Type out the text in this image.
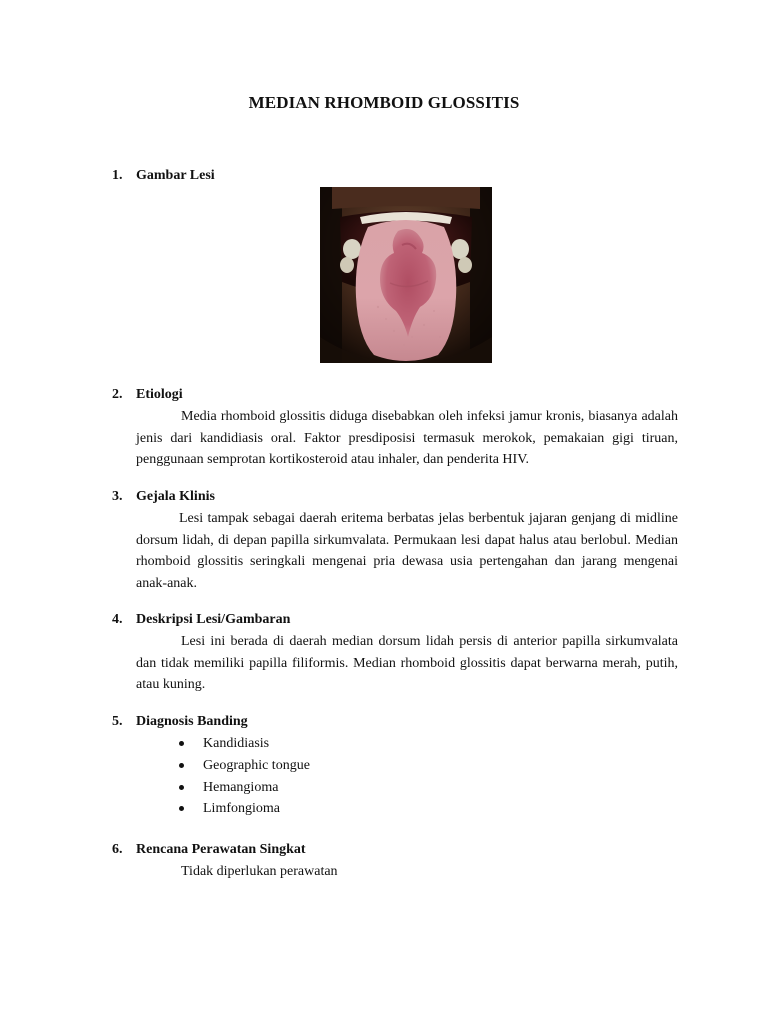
MEDIAN RHOMBOID GLOSSITIS
1. Gambar Lesi
2. Etiologi
Media rhomboid glossitis diduga disebabkan oleh infeksi jamur kronis, biasanya adalah jenis dari kandidiasis oral. Faktor presdiposisi termasuk merokok, pemakaian gigi tiruan, penggunaan semprotan kortikosteroid atau inhaler, dan penderita HIV.
3. Gejala Klinis
Lesi tampak sebagai daerah eritema berbatas jelas berbentuk jajaran genjang di midline dorsum lidah, di depan papilla sirkumvalata. Permukaan lesi dapat halus atau berlobul. Median rhomboid glossitis seringkali mengenai pria dewasa usia pertengahan dan jarang mengenai anak-anak.
4. Deskripsi Lesi/Gambaran
Lesi ini berada di daerah median dorsum lidah persis di anterior papilla sirkumvalata dan tidak memiliki papilla filiformis. Median rhomboid glossitis dapat berwarna merah, putih, atau kuning.
5. Diagnosis Banding
Kandidiasis
Geographic tongue
Hemangioma
Limfongioma
6. Rencana Perawatan Singkat
Tidak diperlukan perawatan
